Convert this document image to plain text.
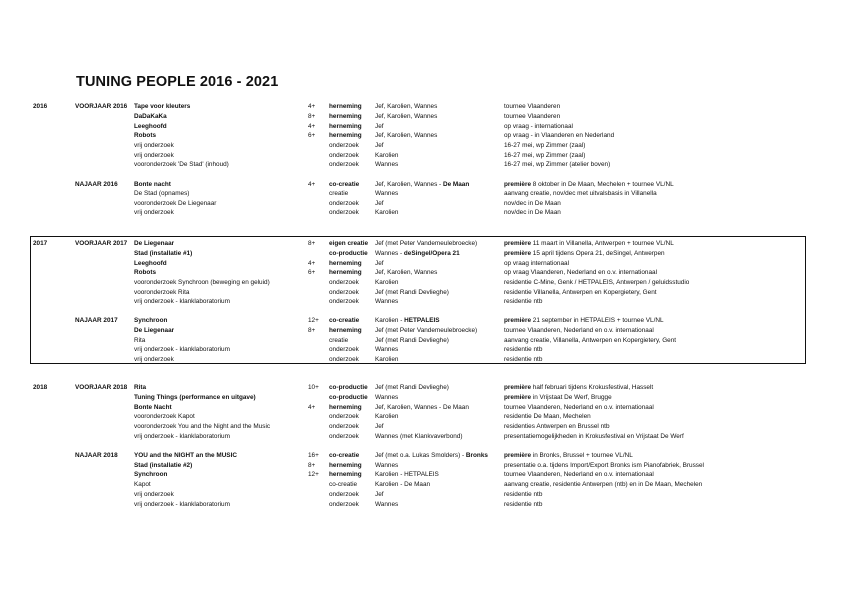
TUNING PEOPLE 2016 - 2021
2016	VOORJAAR 2016 Tape voor kleuters	4+	herneming	Jef, Karolien, Wannes	tournee Vlaanderen
DaDaKaKa	8+	herneming	Jef, Karolien, Wannes	tournee Vlaanderen
Leeghoofd	4+	herneming	Jef	op vraag - internationaal
Robots	6+	herneming	Jef, Karolien, Wannes	op vraag - in Vlaanderen en Nederland
vrij onderzoek	onderzoek	Jef	16-27 mei, wp Zimmer (zaal)
vrij onderzoek	onderzoek	Karolien	16-27 mei, wp Zimmer (zaal)
vooronderzoek 'De Stad' (inhoud)	onderzoek	Wannes	16-27 mei, wp Zimmer (atelier boven)
NAJAAR 2016	Bonte nacht	4+	co-creatie	Jef, Karolien, Wannes - De Maan	première 8 oktober in De Maan, Mechelen + tournee VL/NL
De Stad (opnames)	creatie	Wannes	aanvang creatie, nov/dec met uitvalsbasis in Villanella
vooronderzoek De Liegenaar	onderzoek	Jef	nov/dec in De Maan
vrij onderzoek	onderzoek	Karolien	nov/dec in De Maan
2017	VOORJAAR 2017 De Liegenaar	8+	eigen creatie	Jef (met Peter Vandemeulebroecke)	première 11 maart in Villanella, Antwerpen + tournee VL/NL
Stad (installatie #1)	co-productie	Wannes - deSingel/Opera 21	première 15 april tijdens Opera 21, deSingel, Antwerpen
Leeghoofd	4+	herneming	Jef	op vraag internationaal
Robots	6+	herneming	Jef, Karolien, Wannes	op vraag Vlaanderen, Nederland en o.v. internationaal
vooronderzoek Synchroon (beweging en geluid)	onderzoek	Karolien	residentie C-Mine, Genk / HETPALEIS, Antwerpen / geluidsstudio
vooronderzoek Rita	onderzoek	Jef (met Randi Devlieghe)	residentie Villanella, Antwerpen en Kopergietery, Gent
vrij onderzoek - klanklaboratorium	onderzoek	Wannes	residentie ntb
NAJAAR 2017	Synchroon	12+	co-creatie	Karolien - HETPALEIS	première 21 september in HETPALEIS + tournee VL/NL
De Liegenaar	8+	herneming	Jef (met Peter Vandemeulebroecke)	tournee Vlaanderen, Nederland en o.v. internationaal
Rita	creatie	Jef (met Randi Devlieghe)	aanvang creatie, Villanella, Antwerpen en Kopergietery, Gent
vrij onderzoek - klanklaboratorium	onderzoek	Wannes	residentie ntb
vrij onderzoek	onderzoek	Karolien	residentie ntb
2018	VOORJAAR 2018 Rita	10+	co-productie	Jef (met Randi Devlieghe)	première half februari tijdens Krokusfestival, Hasselt
Tuning Things (performance en uitgave)	co-productie	Wannes	première in Vrijstaat De Werf, Brugge
Bonte Nacht	4+	herneming	Jef, Karolien, Wannes - De Maan	tournee Vlaanderen, Nederland en o.v. internationaal
vooronderzoek Kapot	onderzoek	Karolien	residentie De Maan, Mechelen
vooronderzoek You and the Night and the Music	onderzoek	Jef	residenties Antwerpen en Brussel ntb
vrij onderzoek - klanklaboratorium	onderzoek	Wannes (met Klankvaverbond)	presentatiemogelijkheden in Krokusfestival en Vrijstaat De Werf
NAJAAR 2018	YOU and the NIGHT an the MUSIC	16+	co-creatie	Jef (met o.a. Lukas Smolders) - Bronks	première in Bronks, Brussel + tournee VL/NL
Stad (installatie #2)	8+	herneming	Wannes	presentatie o.a. tijdens Import/Export Bronks ism Pianofabriek, Brussel
Synchroon	12+	herneming	Karolien - HETPALEIS	tournee Vlaanderen, Nederland en o.v. internationaal
Kapot	co-creatie	Karolien - De Maan	aanvang creatie, residentie Antwerpen (ntb) en in De Maan, Mechelen
vrij onderzoek	onderzoek	Jef	residentie ntb
vrij onderzoek - klanklaboratorium	onderzoek	Wannes	residentie ntb
